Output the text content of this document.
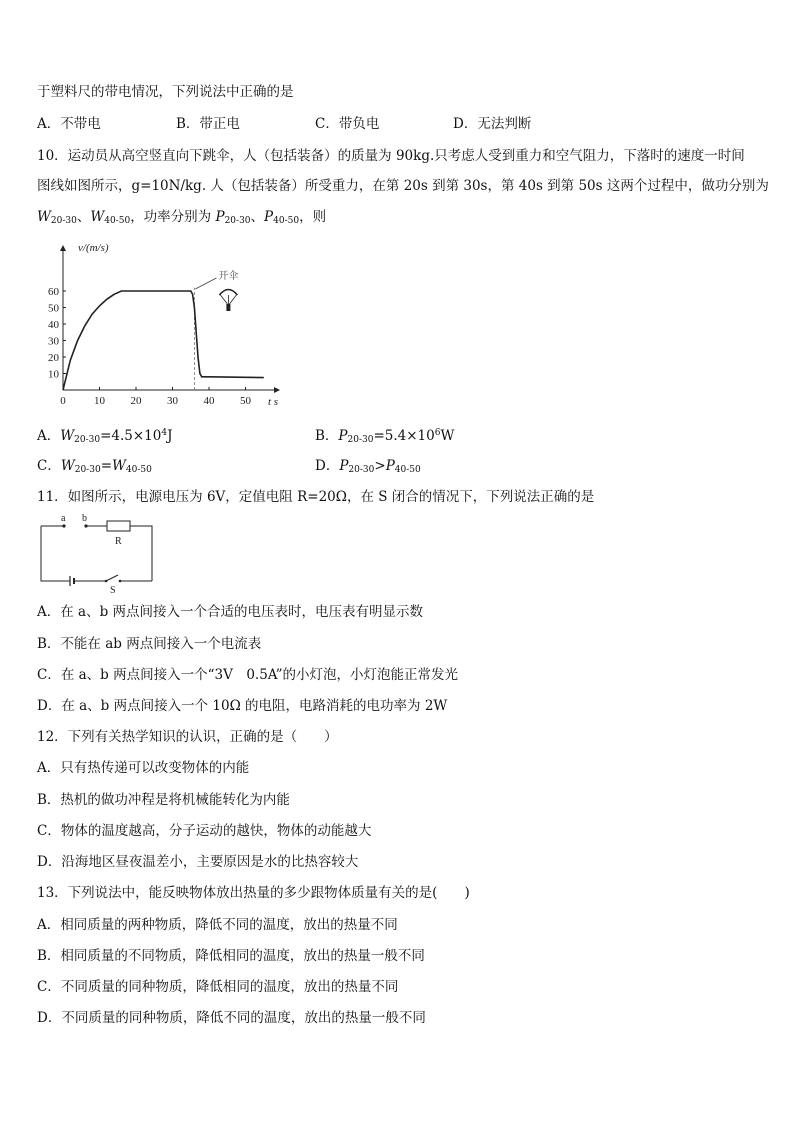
于塑料尺的带电情况，下列说法中正确的是
A．不带电	B．带正电	C．带负电	D．无法判断
10．运动员从高空竖直向下跳伞，人（包括装备）的质量为 90kg.只考虑人受到重力和空气阻力，下落时的速度一时间
图线如图所示，g=10N/kg. 人（包括装备）所受重力，在第 20s 到第 30s，第 40s 到第 50s 这两个过程中，做功分别为
$W_{20-30}$、$W_{40-50}$，功率分别为 $P_{20-30}$、$P_{40-50}$，则
0	10 20 30 40 50
10
20
30
40
50
60
开伞
v/(m/s)
t s
A．$W_{20-30}=4.5\times 10^4J$	B．$P_{20-30}=5.4\times 10^6W$
C．$W_{20-30}=W_{40-50}$	D．$P_{20-30}>P_{40-50}$
11．如图所示，电源电压为 6V，定值电阻 R=20Ω，在 S 闭合的情况下，下列说法正确的是
a b
R
S
A．在 a、b 两点间接入一个合适的电压表时，电压表有明显示数
B．不能在 ab 两点间接入一个电流表
C．在 a、b 两点间接入一个“3V　0.5A”的小灯泡，小灯泡能正常发光
D．在 a、b 两点间接入一个 10Ω 的电阻，电路消耗的电功率为 2W
12．下列有关热学知识的认识，正确的是（　　）
A．只有热传递可以改变物体的内能
B．热机的做功冲程是将机械能转化为内能
C．物体的温度越高，分子运动的越快，物体的动能越大
D．沿海地区昼夜温差小，主要原因是水的比热容较大
13．下列说法中，能反映物体放出热量的多少跟物体质量有关的是(　　)
A．相同质量的两种物质，降低不同的温度，放出的热量不同
B．相同质量的不同物质，降低相同的温度，放出的热量一般不同
C．不同质量的同种物质，降低相同的温度，放出的热量不同
D．不同质量的同种物质，降低不同的温度，放出的热量一般不同
